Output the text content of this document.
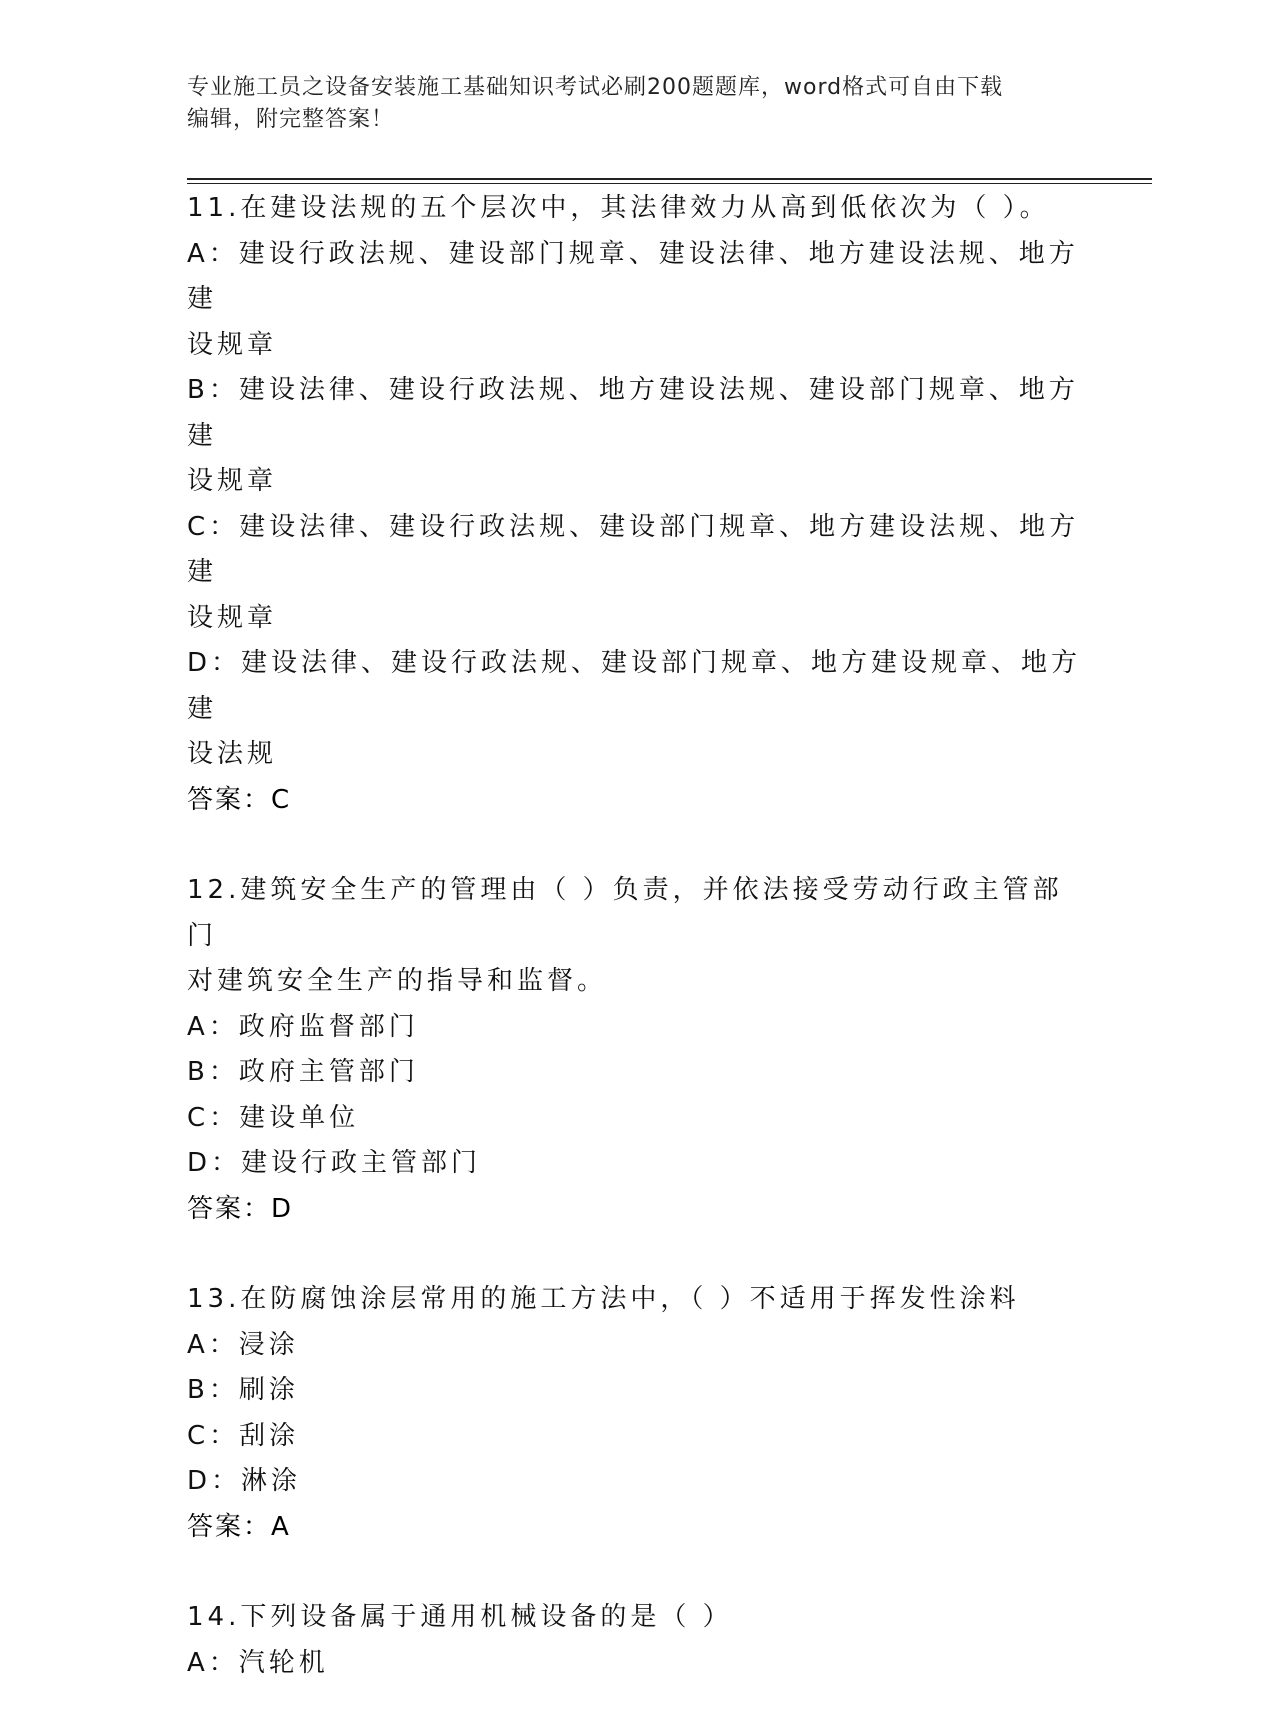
专业施工员之设备安装施工基础知识考试必刷200题题库，word格式可自由下载
编辑，附完整答案！
11.在建设法规的五个层次中，其法律效力从高到低依次为（ ）。
A：建设行政法规、建设部门规章、建设法律、地方建设法规、地方建
设规章
B：建设法律、建设行政法规、地方建设法规、建设部门规章、地方建
设规章
C：建设法律、建设行政法规、建设部门规章、地方建设法规、地方建
设规章
D：建设法律、建设行政法规、建设部门规章、地方建设规章、地方建
设法规
答案：C
12.建筑安全生产的管理由（ ）负责，并依法接受劳动行政主管部门
对建筑安全生产的指导和监督。
A：政府监督部门
B：政府主管部门
C：建设单位
D：建设行政主管部门
答案：D
13.在防腐蚀涂层常用的施工方法中，（ ）不适用于挥发性涂料
A：浸涂
B：刷涂
C：刮涂
D：淋涂
答案：A
14.下列设备属于通用机械设备的是（ ）
A：汽轮机
